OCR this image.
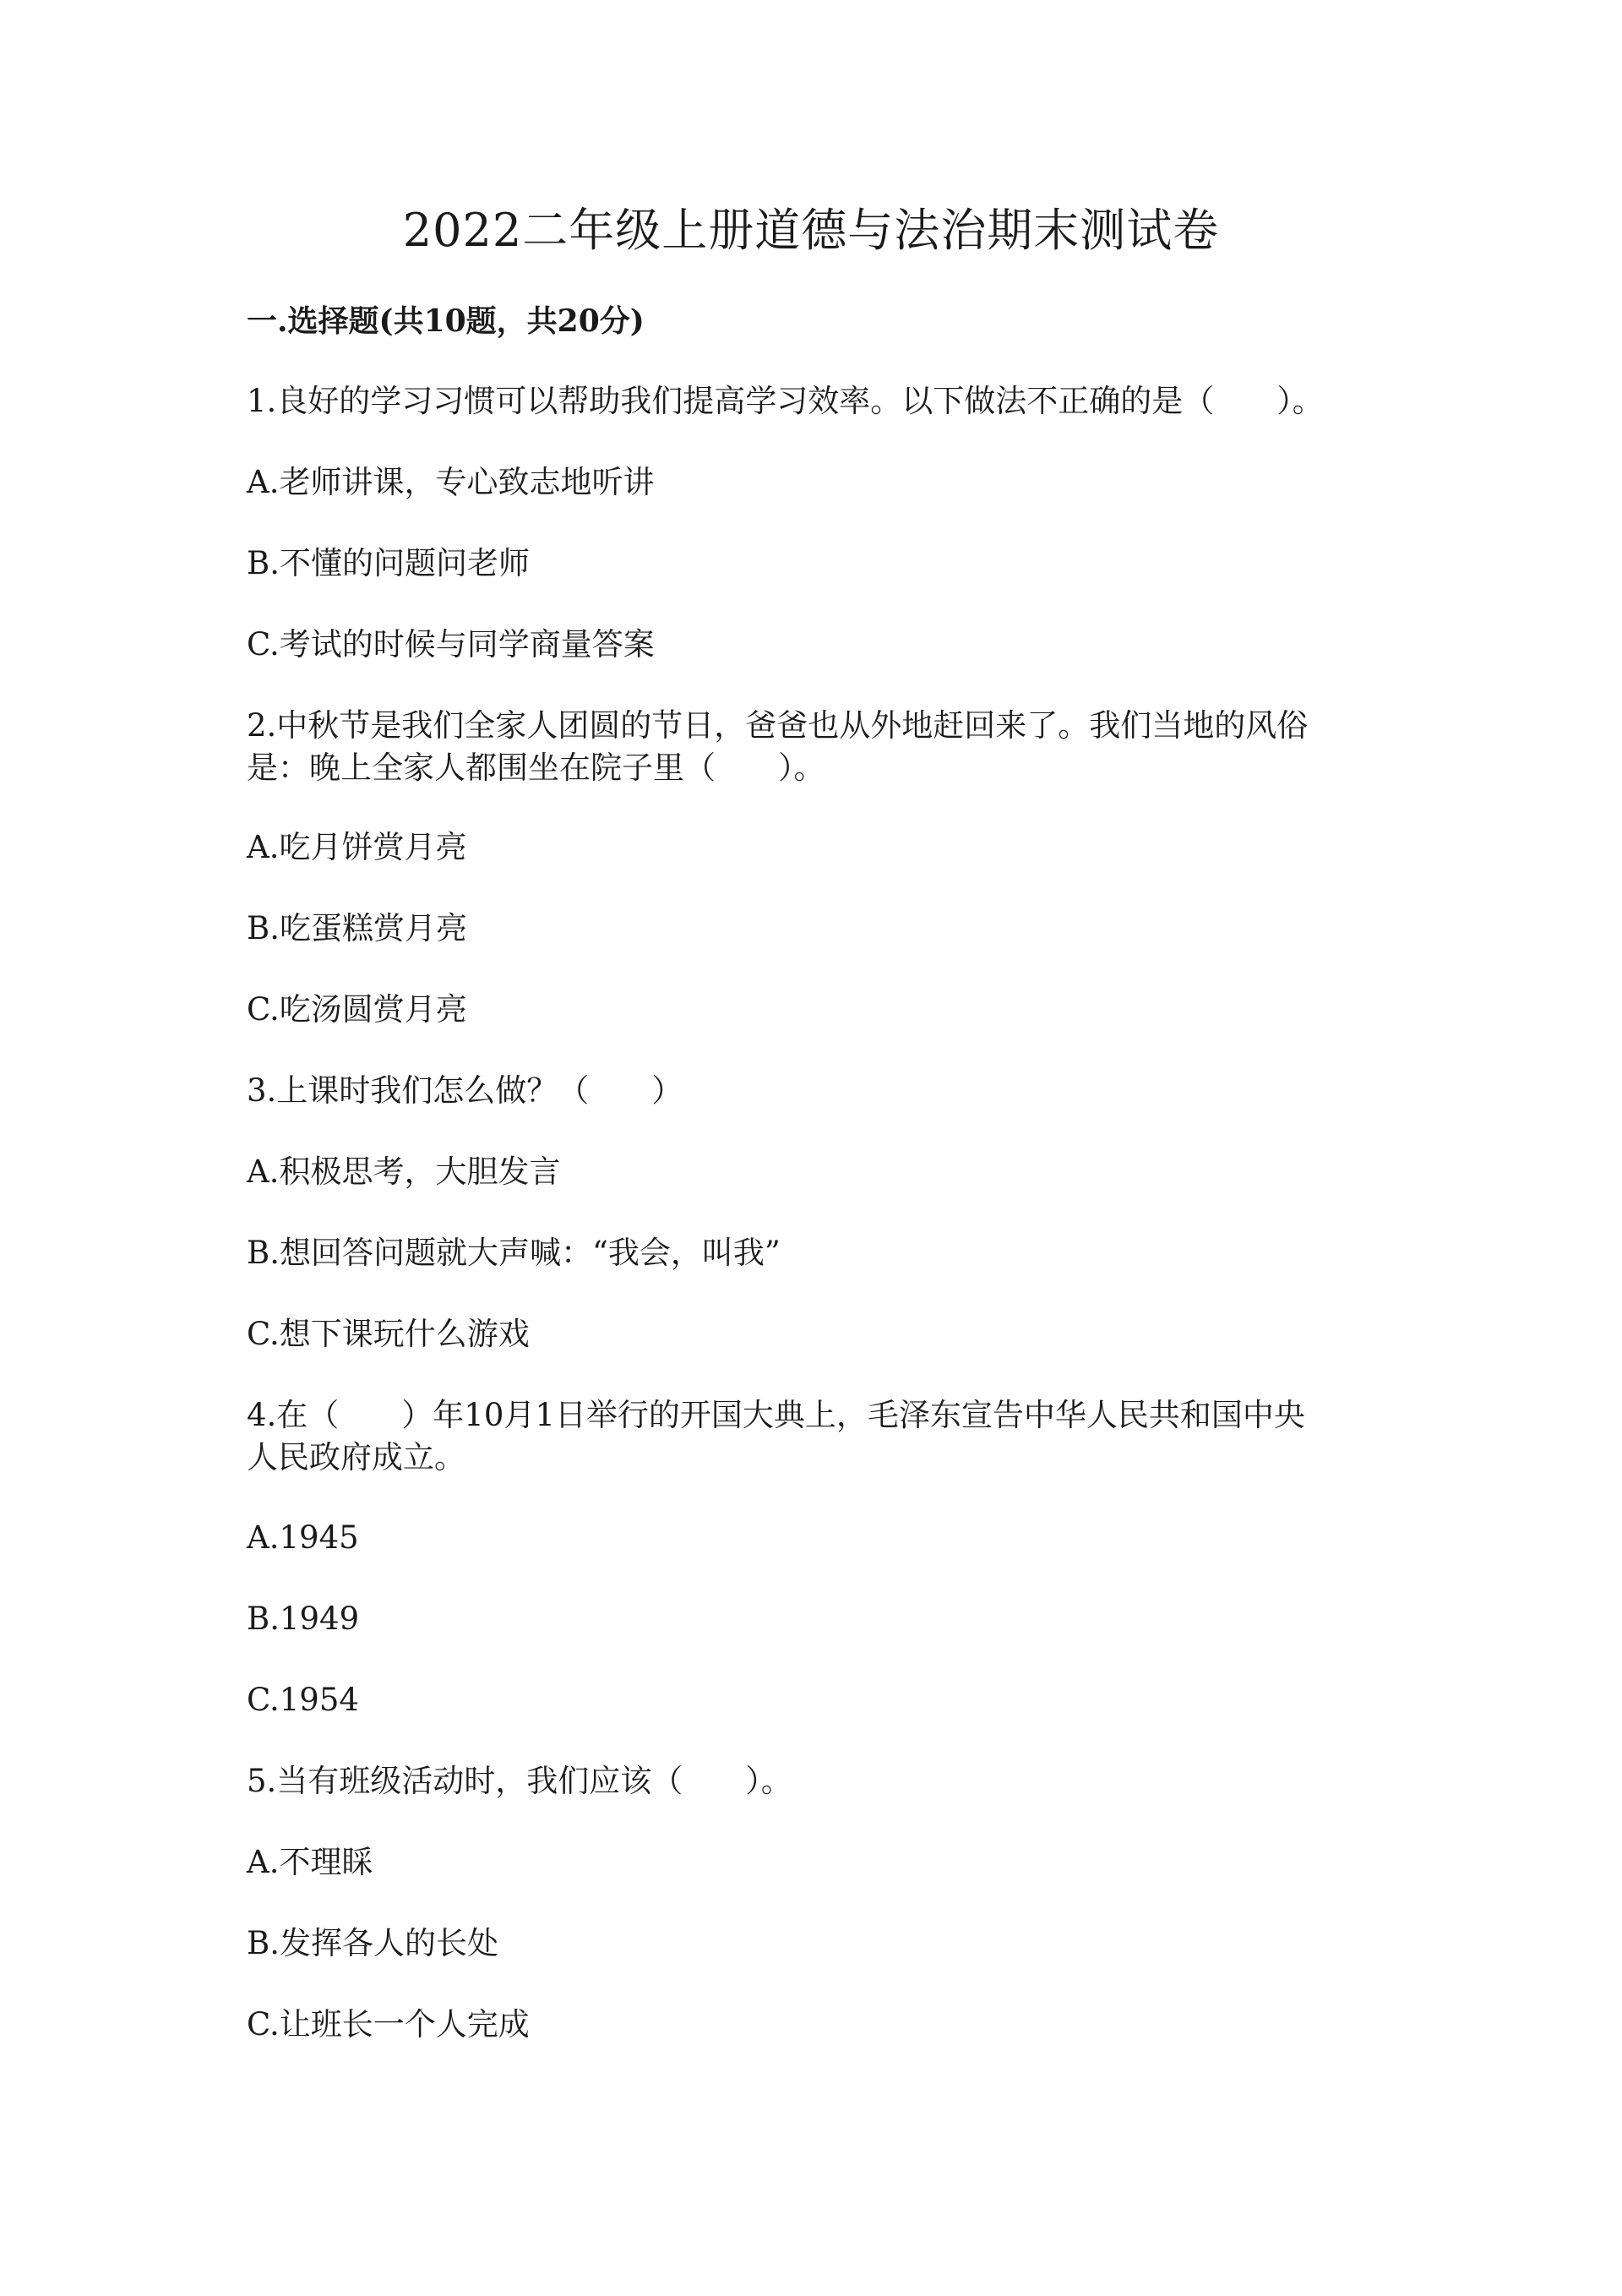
2022二年级上册道德与法治期末测试卷
一.选择题(共10题，共20分)
1.良好的学习习惯可以帮助我们提高学习效率。以下做法不正确的是（　　）。
A.老师讲课，专心致志地听讲
B.不懂的问题问老师
C.考试的时候与同学商量答案
2.中秋节是我们全家人团圆的节日，爸爸也从外地赶回来了。我们当地的风俗
是：晚上全家人都围坐在院子里（　　）。
A.吃月饼赏月亮
B.吃蛋糕赏月亮
C.吃汤圆赏月亮
3.上课时我们怎么做？（　　）
A.积极思考，大胆发言
B.想回答问题就大声喊：“我会，叫我”
C.想下课玩什么游戏
4.在（　　）年10月1日举行的开国大典上，毛泽东宣告中华人民共和国中央
人民政府成立。
A.1945
B.1949
C.1954
5.当有班级活动时，我们应该（　　）。
A.不理睬
B.发挥各人的长处
C.让班长一个人完成
